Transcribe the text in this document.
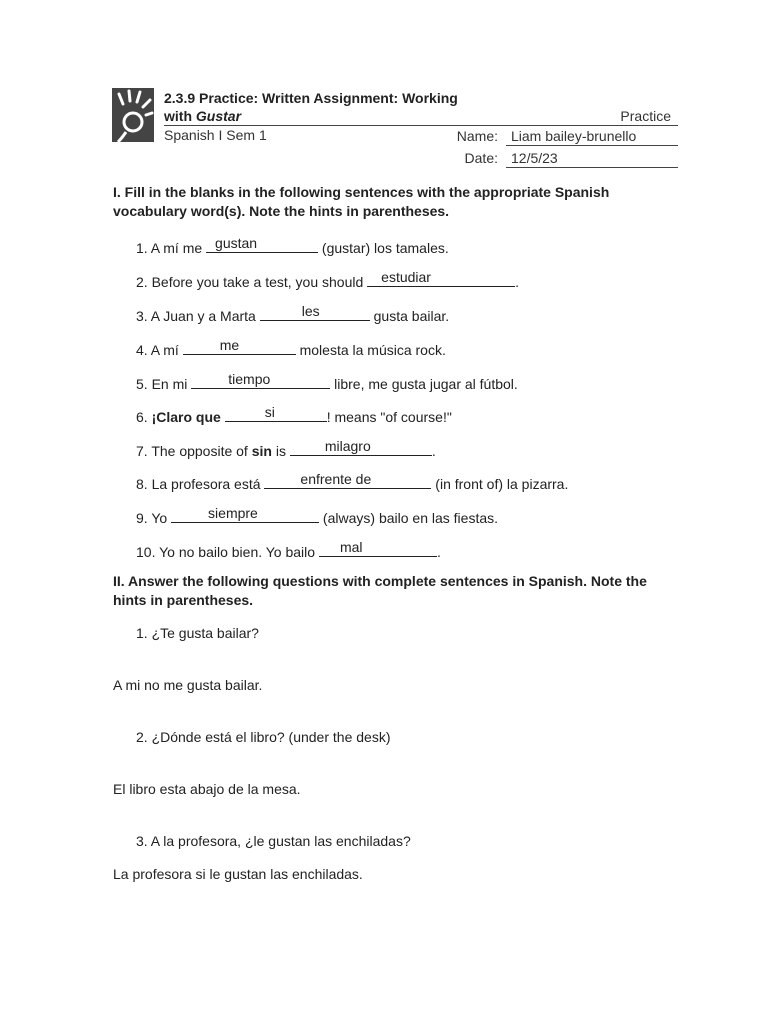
2.3.9 Practice: Written Assignment: Working
with Gustar
Spanish I Sem 1
Practice
Name: Liam bailey-brunello
Date: 12/5/23
I. Fill in the blanks in the following sentences with the appropriate Spanish
vocabulary word(s). Note the hints in parentheses.
1. A mí me gustan	(gustar) los tamales.
2. Before you take a test, you should estudiar	.
3. A Juan y a Marta	les	gusta bailar.
4. A mí	me	molesta la música rock.
5. En mi	tiempo	libre, me gusta jugar al fútbol.
6. ¡Claro que	si	! means "of course!"
7. The opposite of sin is	milagro	.
8. La profesora está	enfrente de	(in front of) la pizarra.
9. Yo	siempre	(always) bailo en las fiestas.
10. Yo no bailo bien. Yo bailo mal	.
II. Answer the following questions with complete sentences in Spanish. Note the
hints in parentheses.
1. ¿Te gusta bailar?
A mi no me gusta bailar.
2. ¿Dónde está el libro? (under the desk)
El libro esta abajo de la mesa.
3. A la profesora, ¿le gustan las enchiladas?
La profesora si le gustan las enchiladas.
